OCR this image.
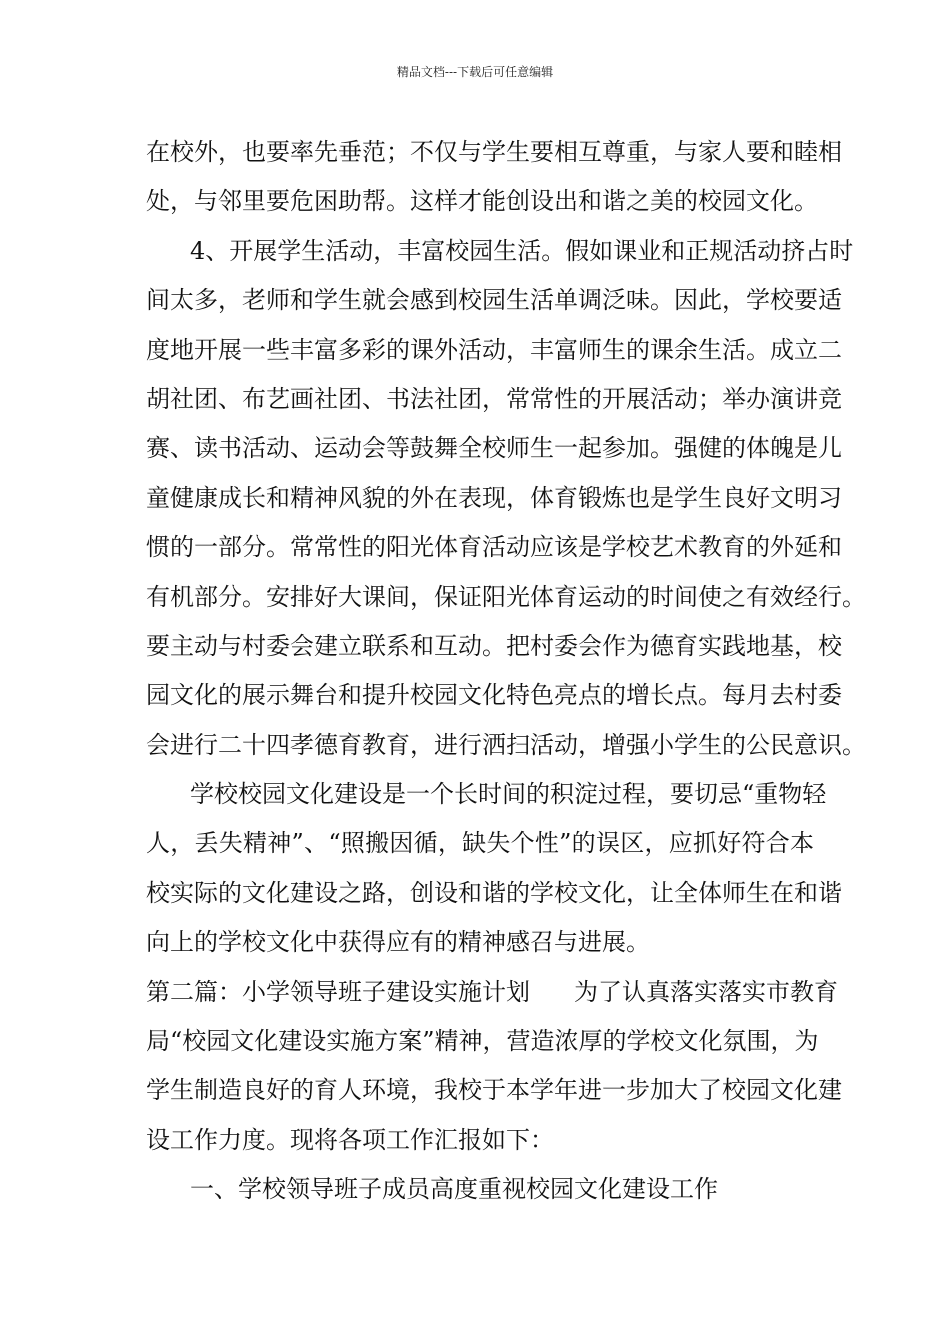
精品文档---下载后可任意编辑
在校外，也要率先垂范；不仅与学生要相互尊重，与家人要和睦相
处，与邻里要危困助帮。这样才能创设出和谐之美的校园文化。
4、开展学生活动，丰富校园生活。假如课业和正规活动挤占时
间太多，老师和学生就会感到校园生活单调泛味。因此，学校要适
度地开展一些丰富多彩的课外活动，丰富师生的课余生活。成立二
胡社团、布艺画社团、书法社团，常常性的开展活动；举办演讲竞
赛、读书活动、运动会等鼓舞全校师生一起参加。强健的体魄是儿
童健康成长和精神风貌的外在表现，体育锻炼也是学生良好文明习
惯的一部分。常常性的阳光体育活动应该是学校艺术教育的外延和
有机部分。安排好大课间，保证阳光体育运动的时间使之有效经行。
要主动与村委会建立联系和互动。把村委会作为德育实践地基，校
园文化的展示舞台和提升校园文化特色亮点的增长点。每月去村委
会进行二十四孝德育教育，进行洒扫活动，增强小学生的公民意识。
学校校园文化建设是一个长时间的积淀过程，要切忌“重物轻
人，丢失精神”、“照搬因循，缺失个性”的误区，应抓好符合本
校实际的文化建设之路，创设和谐的学校文化，让全体师生在和谐
向上的学校文化中获得应有的精神感召与进展。
第二篇：小学领导班子建设实施计划 为了认真落实落实市教育
局“校园文化建设实施方案”精神，营造浓厚的学校文化氛围，为
学生制造良好的育人环境，我校于本学年进一步加大了校园文化建
设工作力度。现将各项工作汇报如下：
一、学校领导班子成员高度重视校园文化建设工作
